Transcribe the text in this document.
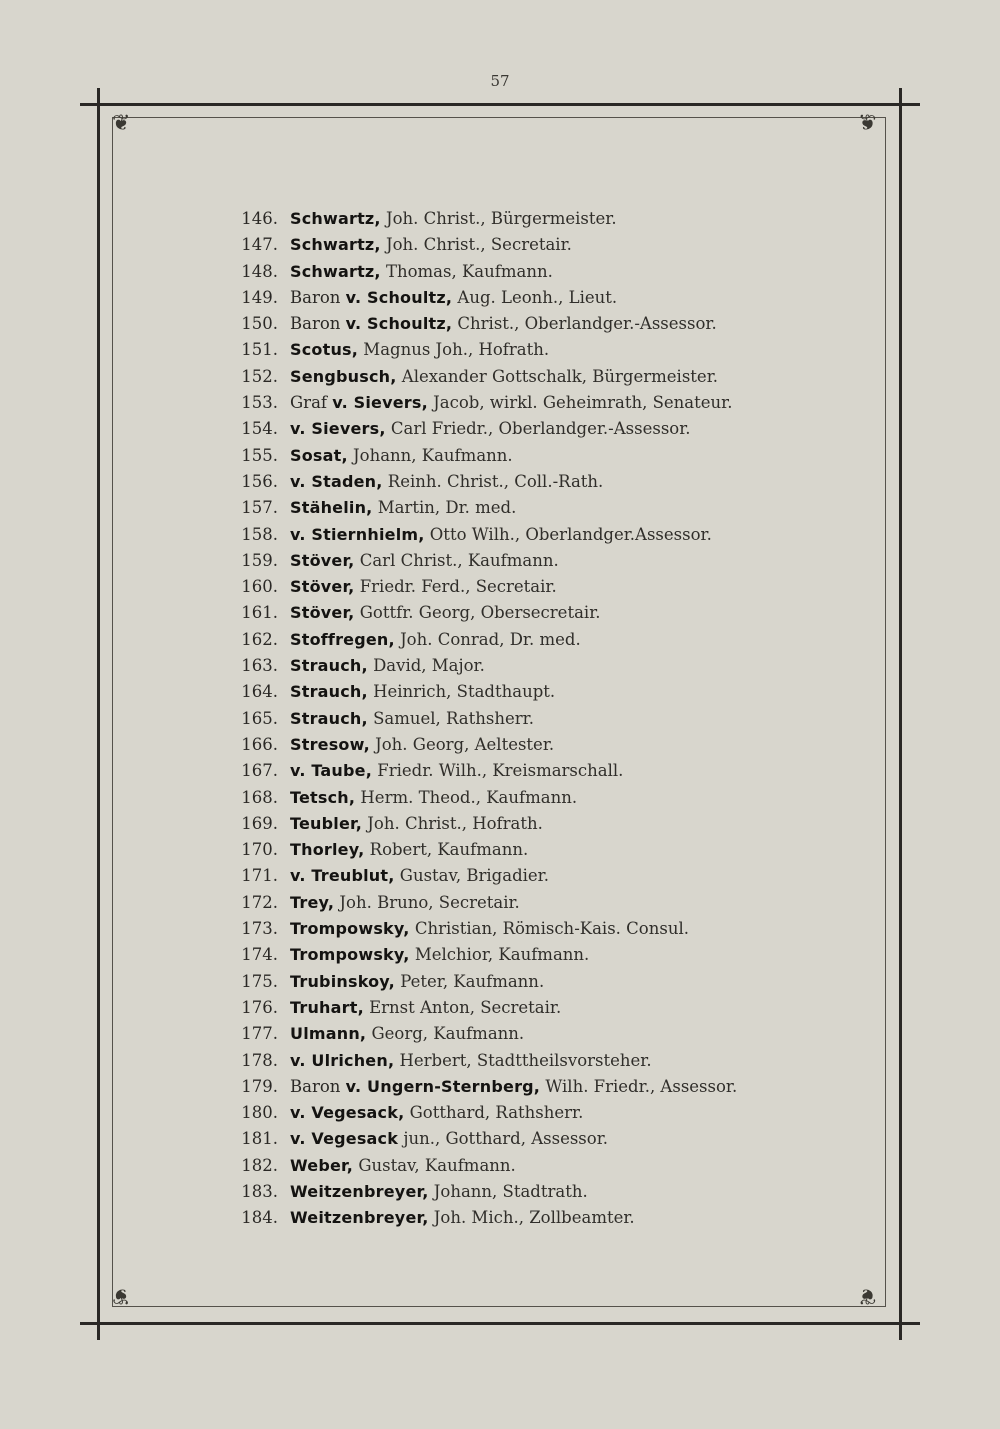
57
❦	❦
❦	❦
146. Schwartz, Joh. Christ., Bürgermeister.
147. Schwartz, Joh. Christ., Secretair.
148. Schwartz, Thomas, Kaufmann.
149. Baron v. Schoultz, Aug. Leonh., Lieut.
150. Baron v. Schoultz, Christ., Oberlandger.-Assessor.
151. Scotus, Magnus Joh., Hofrath.
152. Sengbusch, Alexander Gottschalk, Bürgermeister.
153. Graf v. Sievers, Jacob, wirkl. Geheimrath, Senateur.
154. v. Sievers, Carl Friedr., Oberlandger.-Assessor.
155. Sosat, Johann, Kaufmann.
156. v. Staden, Reinh. Christ., Coll.-Rath.
157. Stähelin, Martin, Dr. med.
158. v. Stiernhielm, Otto Wilh., Oberlandger.Assessor.
159. Stöver, Carl Christ., Kaufmann.
160. Stöver, Friedr. Ferd., Secretair.
161. Stöver, Gottfr. Georg, Obersecretair.
162. Stoffregen, Joh. Conrad, Dr. med.
163. Strauch, David, Major.
164. Strauch, Heinrich, Stadthaupt.
165. Strauch, Samuel, Rathsherr.
166. Stresow, Joh. Georg, Aeltester.
167. v. Taube, Friedr. Wilh., Kreismarschall.
168. Tetsch, Herm. Theod., Kaufmann.
169. Teubler, Joh. Christ., Hofrath.
170. Thorley, Robert, Kaufmann.
171. v. Treublut, Gustav, Brigadier.
172. Trey, Joh. Bruno, Secretair.
173. Trompowsky, Christian, Römisch-Kais. Consul.
174. Trompowsky, Melchior, Kaufmann.
175. Trubinskoy, Peter, Kaufmann.
176. Truhart, Ernst Anton, Secretair.
177. Ulmann, Georg, Kaufmann.
178. v. Ulrichen, Herbert, Stadttheilsvorsteher.
179. Baron v. Ungern-Sternberg, Wilh. Friedr., Assessor.
180. v. Vegesack, Gotthard, Rathsherr.
181. v. Vegesack jun., Gotthard, Assessor.
182. Weber, Gustav, Kaufmann.
183. Weitzenbreyer, Johann, Stadtrath.
184. Weitzenbreyer, Joh. Mich., Zollbeamter.
